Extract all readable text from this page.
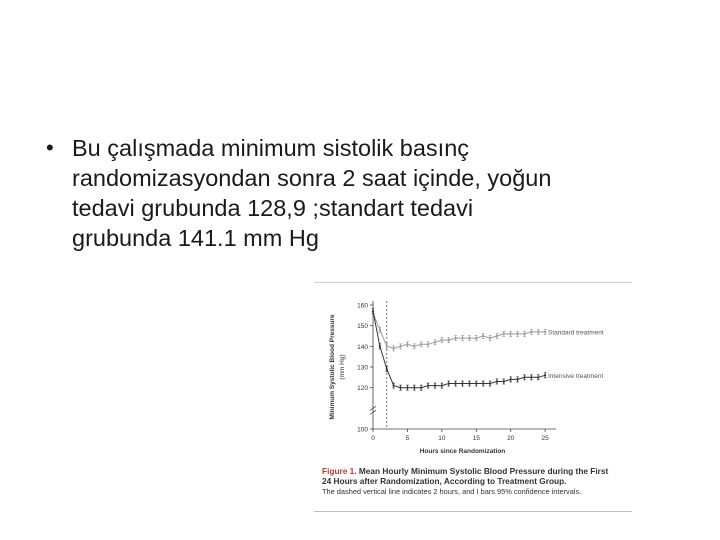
• Bu çalışmada minimum sistolik basınç
randomizasyondan sonra 2 saat içinde, yoğun
tedavi grubunda 128,9 ;standart tedavi
grubunda 141.1 mm Hg
100
120
130
140
150
160
0	5	10	15	20	25
Hours since Randomization
Minimum Systolic Blood Pressure (mm Hg)
Standard treatment
Intensive treatment
Figure 1. Mean Hourly Minimum Systolic Blood Pressure during the First
24 Hours after Randomization, According to Treatment Group.
The dashed vertical line indicates 2 hours, and I bars 95% confidence intervals.
